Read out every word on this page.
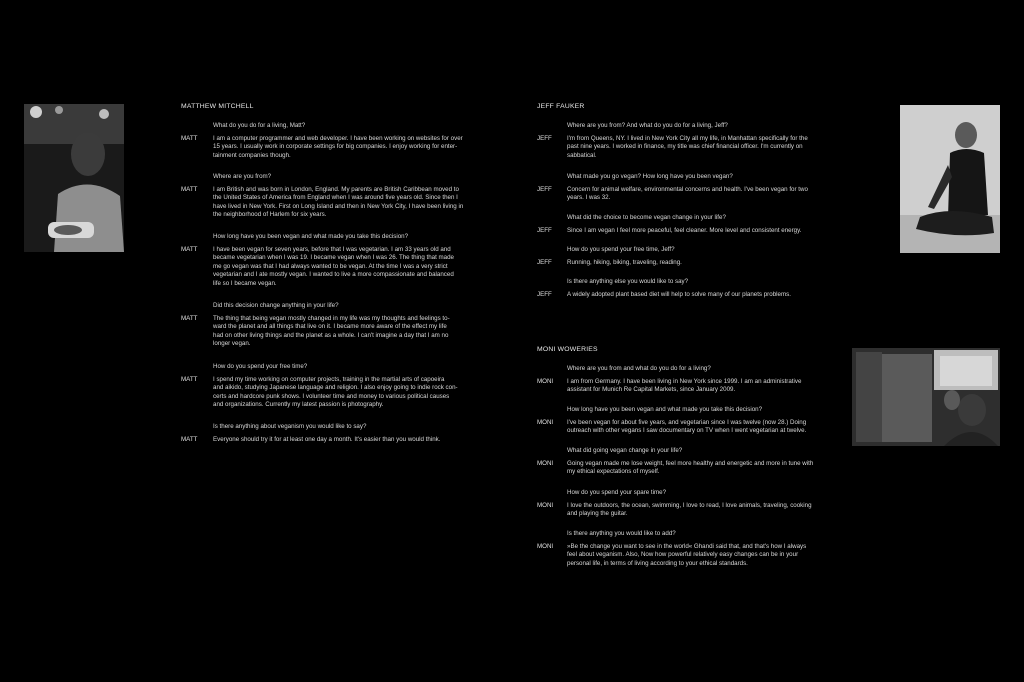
MATTHEW MITCHELL
What do you do for a living, Matt?
MATT	I am a computer programmer and web developer. I have been working on websites for over
15 years. I usually work in corporate settings for big companies. I enjoy working for enter-
tainment companies though.
Where are you from?
MATT	I am British and was born in London, England. My parents are British Caribbean moved to
the United States of America from England when I was around five years old. Since then I
have lived in New York. First on Long Island and then in New York City, I have been living in
the neighborhood of Harlem for six years.
How long have you been vegan and what made you take this decision?
MATT	I have been vegan for seven years, before that I was vegetarian. I am 33 years old and
became vegetarian when I was 19. I became vegan when I was 26. The thing that made
me go vegan was that I had always wanted to be vegan. At the time I was a very strict
vegetarian and I ate mostly vegan. I wanted to live a more compassionate and balanced
life so I became vegan.
Did this decision change anything in your life?
MATT	The thing that being vegan mostly changed in my life was my thoughts and feelings to-
ward the planet and all things that live on it. I became more aware of the effect my life
had on other living things and the planet as a whole. I can't imagine a day that I am no
longer vegan.
How do you spend your free time?
MATT	I spend my time working on computer projects, training in the martial arts of capoeira
and aikido, studying Japanese language and religion. I also enjoy going to indie rock con-
certs and hardcore punk shows. I volunteer time and money to various political causes
and organizations. Currently my latest passion is photography.
Is there anything about veganism you would like to say?
MATT	Everyone should try it for at least one day a month. It's easier than you would think.
JEFF FAUKER
Where are you from? And what do you do for a living, Jeff?
JEFF I'm from Queens, NY. I lived in New York City all my life, in Manhattan specifically for the
past nine years. I worked in finance, my title was chief financial officer. I'm currently on
sabbatical.
What made you go vegan? How long have you been vegan?
JEFF Concern for animal welfare, environmental concerns and health. I've been vegan for two
years. I was 32.
What did the choice to become vegan change in your life?
JEFF Since I am vegan I feel more peaceful, feel cleaner. More level and consistent energy.
How do you spend your free time, Jeff?
JEFF Running, hiking, biking, traveling, reading.
Is there anything else you would like to say?
JEFF A widely adopted plant based diet will help to solve many of our planets problems.
MONI WOWERIES
Where are you from and what do you do for a living?
MONI I am from Germany. I have been living in New York since 1999. I am an administrative
assistant for Munich Re Capital Markets, since January 2009.
How long have you been vegan and what made you take this decision?
MONI I've been vegan for about five years, and vegetarian since I was twelve (now 28.) Doing
outreach with other vegans I saw documentary on TV when I went vegetarian at twelve.
What did going vegan change in your life?
MONI Going vegan made me lose weight, feel more healthy and energetic and more in tune with
my ethical expectations of myself.
How do you spend your spare time?
MONI I love the outdoors, the ocean, swimming, I love to read, I love animals, traveling, cooking
and playing the guitar.
Is there anything you would like to add?
MONI »Be the change you want to see in the world« Ghandi said that, and that's how I always
feel about veganism. Also, Now how powerful relatively easy changes can be in your
personal life, in terms of living according to your ethical standards.
